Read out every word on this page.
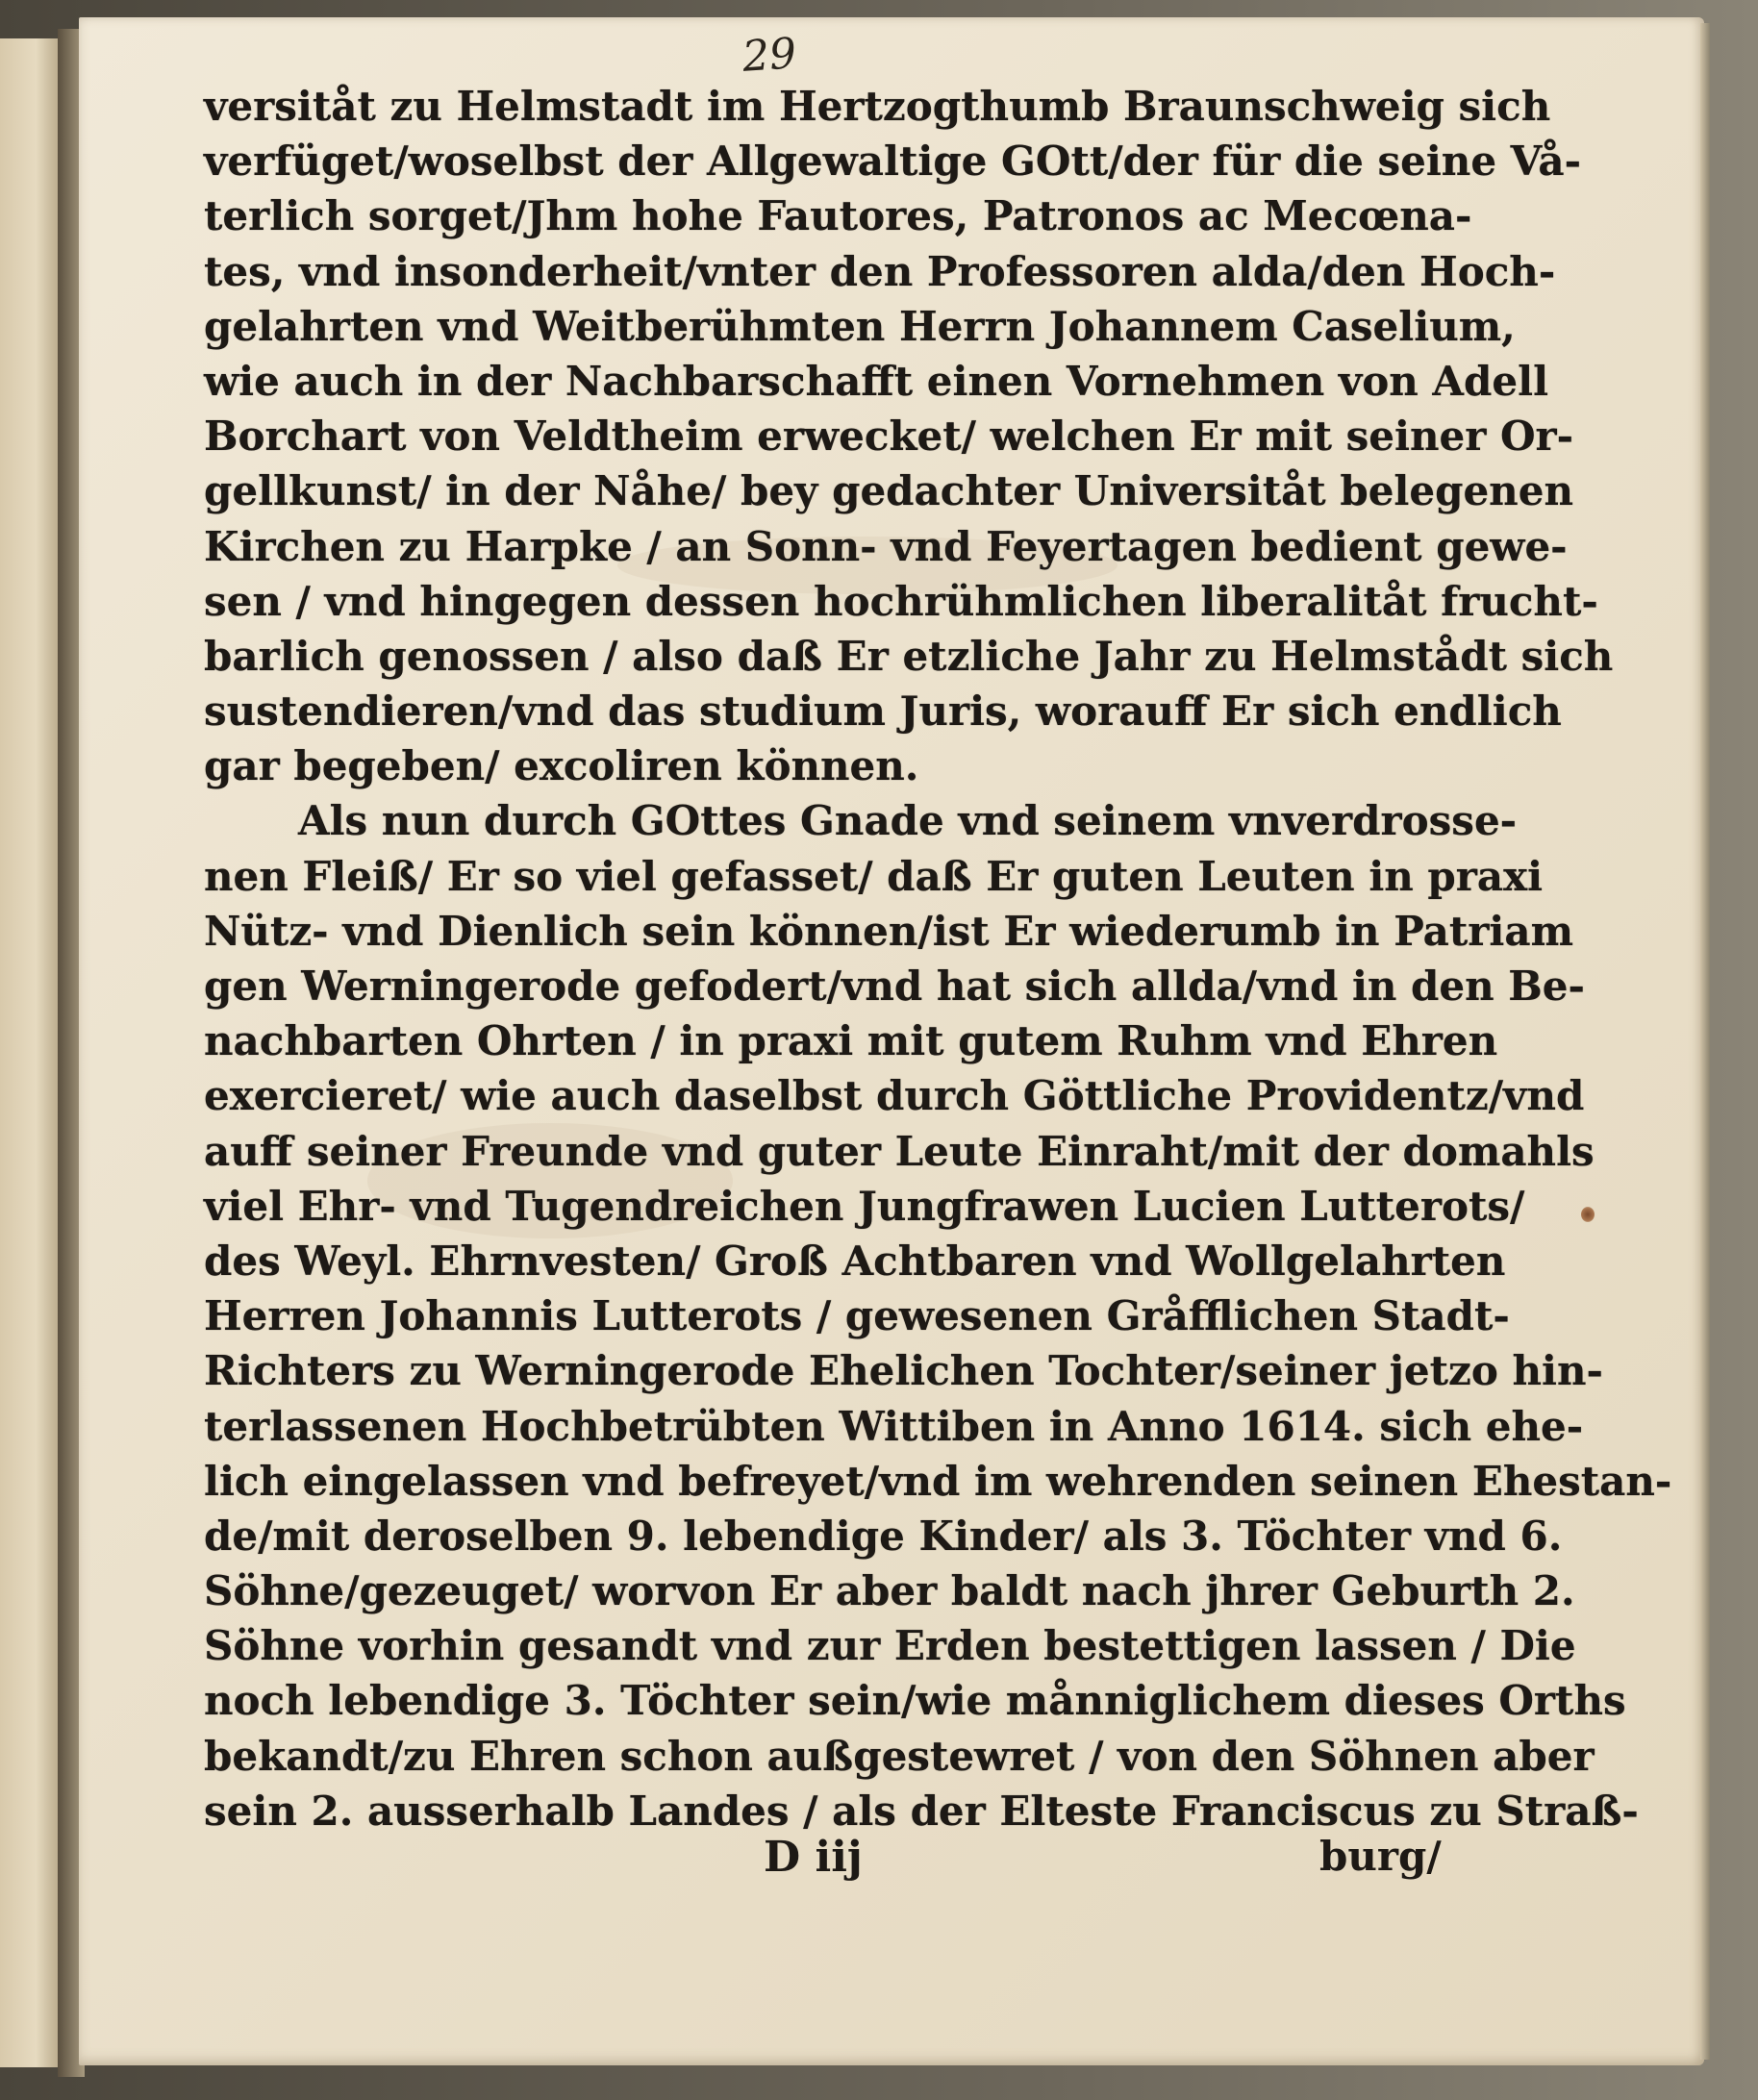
29

versitåt zu Helmstadt im Hertzogthumb Braunschweig sich
verfüget/woselbst der Allgewaltige GOtt/der für die seine Vå-
terlich sorget/Jhm hohe Fautores, Patronos ac Mecœna-
tes, vnd insonderheit/vnter den Professoren alda/den Hoch-
gelahrten vnd Weitberühmten Herrn Johannem Caselium,
wie auch in der Nachbarschafft einen Vornehmen von Adell
Borchart von Veldtheim erwecket/ welchen Er mit seiner Or-
gellkunst/ in der Nåhe/ bey gedachter Universitåt belegenen
Kirchen zu Harpke / an Sonn- vnd Feyertagen bedient gewe-
sen / vnd hingegen dessen hochrühmlichen liberalitåt frucht-
barlich genossen / also daß Er etzliche Jahr zu Helmstådt sich
sustendieren/vnd das studium Juris, worauff Er sich endlich
gar begeben/ excoliren können.
Als nun durch GOttes Gnade vnd seinem vnverdrosse-
nen Fleiß/ Er so viel gefasset/ daß Er guten Leuten in praxi
Nütz- vnd Dienlich sein können/ist Er wiederumb in Patriam
gen Werningerode gefodert/vnd hat sich allda/vnd in den Be-
nachbarten Ohrten / in praxi mit gutem Ruhm vnd Ehren
exercieret/ wie auch daselbst durch Göttliche Providentz/vnd
auff seiner Freunde vnd guter Leute Einraht/mit der domahls
viel Ehr- vnd Tugendreichen Jungfrawen Lucien Lutterots/
des Weyl. Ehrnvesten/ Groß Achtbaren vnd Wollgelahrten
Herren Johannis Lutterots / gewesenen Gråfflichen Stadt-
Richters zu Werningerode Ehelichen Tochter/seiner jetzo hin-
terlassenen Hochbetrübten Wittiben in Anno 1614. sich ehe-
lich eingelassen vnd befreyet/vnd im wehrenden seinen Ehestan-
de/mit deroselben 9. lebendige Kinder/ als 3. Töchter vnd 6.
Söhne/gezeuget/ worvon Er aber baldt nach jhrer Geburth 2.
Söhne vorhin gesandt vnd zur Erden bestettigen lassen / Die
noch lebendige 3. Töchter sein/wie månniglichem dieses Orths
bekandt/zu Ehren schon außgestewret / von den Söhnen aber
sein 2. ausserhalb Landes / als der Elteste Franciscus zu Straß-

D iij	burg/
